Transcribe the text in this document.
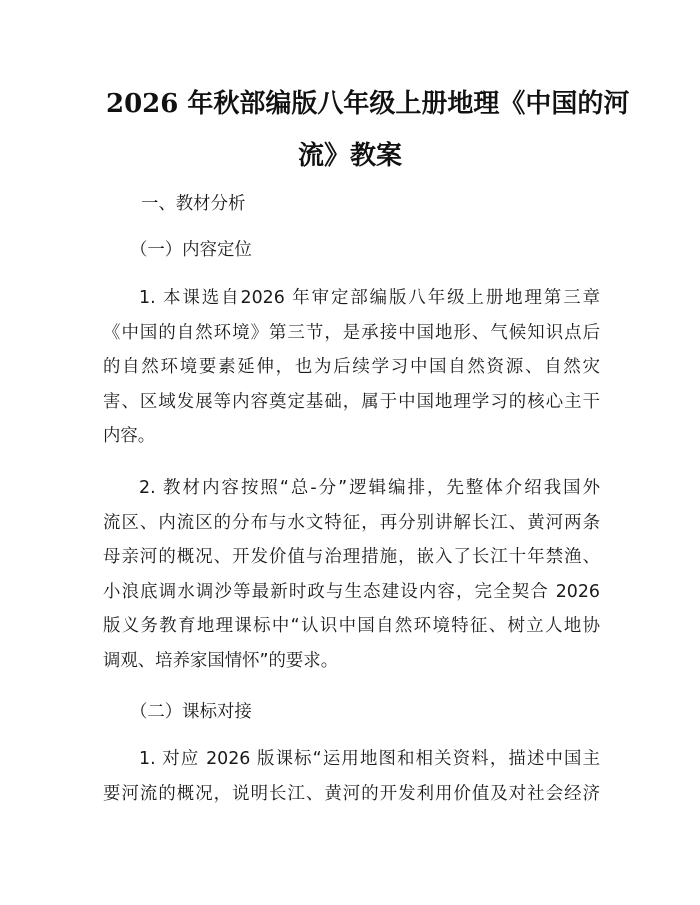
2026 年秋部编版八年级上册地理《中国的河
流》教案
一、教材分析
（一）内容定位
1. 本课选自2026 年审定部编版八年级上册地理第三章
《中国的自然环境》第三节，是承接中国地形、气候知识点后
的自然环境要素延伸，也为后续学习中国自然资源、自然灾
害、区域发展等内容奠定基础，属于中国地理学习的核心主干
内容。
2. 教材内容按照“总-分”逻辑编排，先整体介绍我国外
流区、内流区的分布与水文特征，再分别讲解长江、黄河两条
母亲河的概况、开发价值与治理措施，嵌入了长江十年禁渔、
小浪底调水调沙等最新时政与生态建设内容，完全契合 2026
版义务教育地理课标中“认识中国自然环境特征、树立人地协
调观、培养家国情怀”的要求。
（二）课标对接
1. 对应 2026 版课标“运用地图和相关资料，描述中国主
要河流的概况，说明长江、黄河的开发利用价值及对社会经济
